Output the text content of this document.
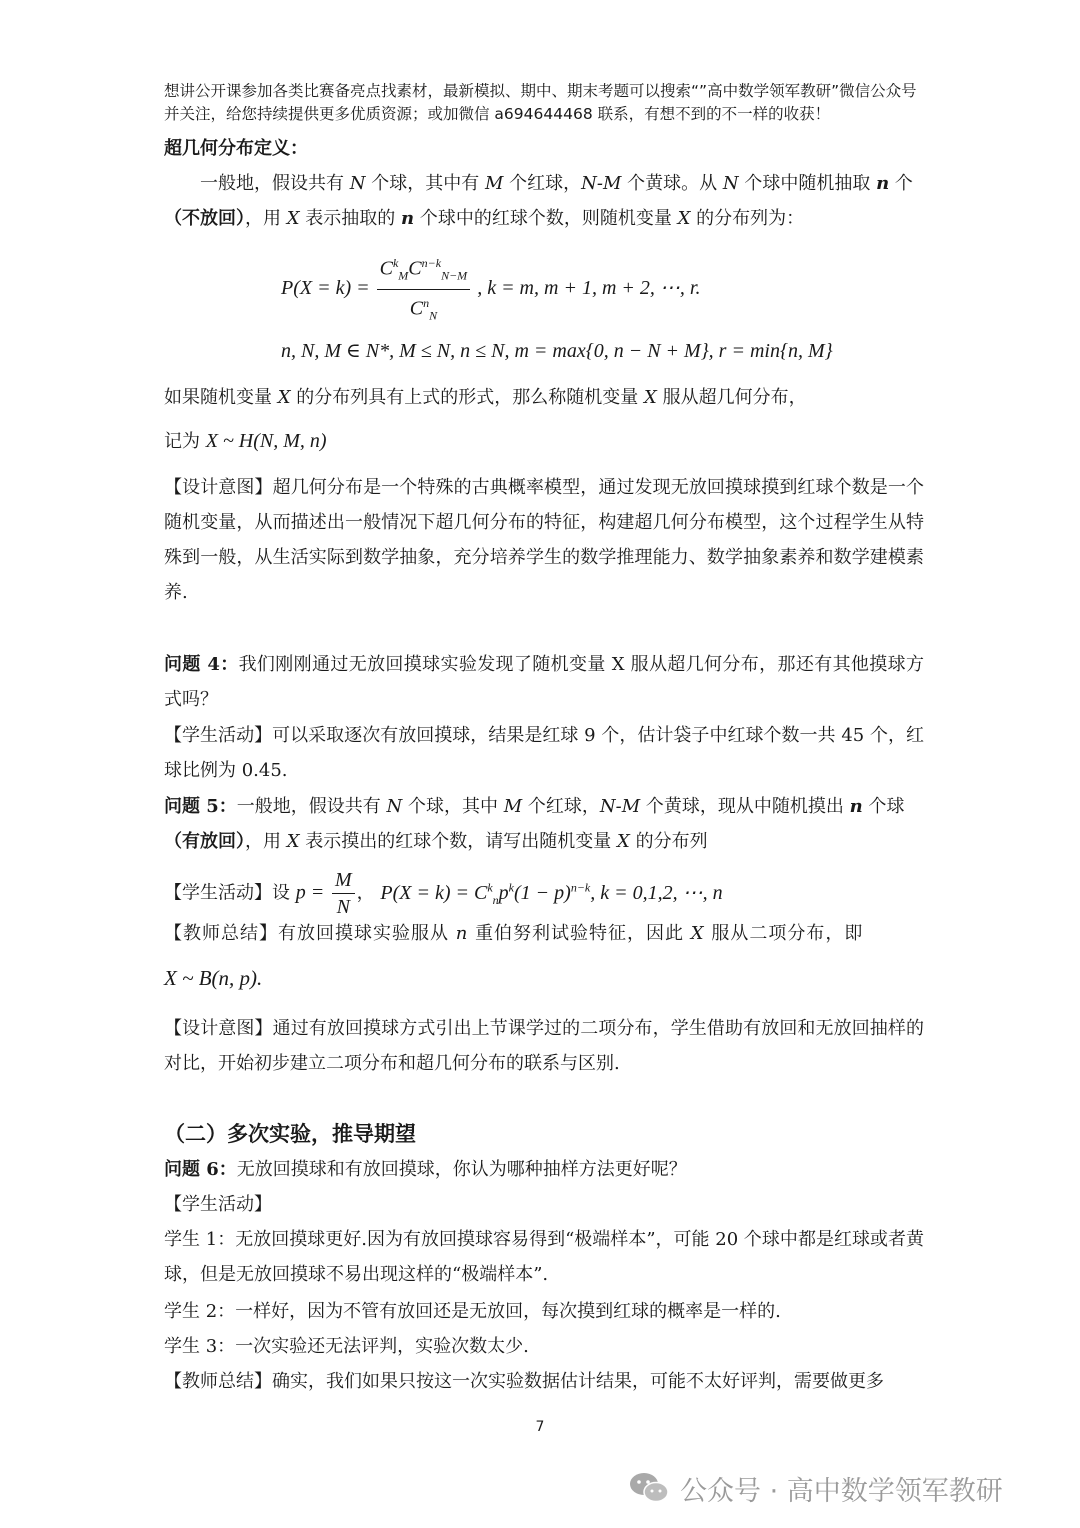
想讲公开课参加各类比赛备亮点找素材，最新模拟、期中、期末考题可以搜索“”高中数学领军教研”微信公众号并关注，给您持续提供更多优质资源；或加微信 a694644468 联系，有想不到的不一样的收获！
超几何分布定义：
一般地，假设共有 N 个球，其中有 M 个红球，N-M 个黄球。从 N 个球中随机抽取 n 个
（不放回），用 X 表示抽取的 n 个球中的红球个数，则随机变量 X 的分布列为：
$P(X = k) = \frac{C^k_MC^{n-k}_{N-M}}{C^n_N}$ , k = m, m + 1, m + 2, ⋯, r.
n, N, M ∈ N*, M ≤ N, n ≤ N, m = max{0, n − N + M}, r = min{n, M}
如果随机变量 X 的分布列具有上式的形式，那么称随机变量 X 服从超几何分布，
记为 X ~ H(N, M, n)
【设计意图】超几何分布是一个特殊的古典概率模型，通过发现无放回摸球摸到红球个数是一个随机变量，从而描述出一般情况下超几何分布的特征，构建超几何分布模型，这个过程学生从特殊到一般，从生活实际到数学抽象，充分培养学生的数学推理能力、数学抽象素养和数学建模素养.
问题 4：我们刚刚通过无放回摸球实验发现了随机变量 X 服从超几何分布，那还有其他摸球方式吗？
【学生活动】可以采取逐次有放回摸球，结果是红球 9 个，估计袋子中红球个数一共 45 个，红球比例为 0.45.
问题 5：一般地，假设共有 N 个球，其中 M 个红球，N-M 个黄球，现从中随机摸出 n 个球
（有放回），用 X 表示摸出的红球个数，请写出随机变量 X 的分布列
【学生活动】设 $p = \frac{M}{N}$ ， $P(X = k) = C^k_np^k(1 - p)^{n-k}$, k = 0,1,2, ⋯, n
【教师总结】有放回摸球实验服从 n 重伯努利试验特征，因此 X 服从二项分布，即
X ~ B(n, p).
【设计意图】通过有放回摸球方式引出上节课学过的二项分布，学生借助有放回和无放回抽样的对比，开始初步建立二项分布和超几何分布的联系与区别.
（二）多次实验，推导期望
问题 6：无放回摸球和有放回摸球，你认为哪种抽样方法更好呢？
【学生活动】
学生 1：无放回摸球更好.因为有放回摸球容易得到“极端样本”，可能 20 个球中都是红球或者黄球，但是无放回摸球不易出现这样的“极端样本”.
学生 2：一样好，因为不管有放回还是无放回，每次摸到红球的概率是一样的.
学生 3：一次实验还无法评判，实验次数太少.
【教师总结】确实，我们如果只按这一次实验数据估计结果，可能不太好评判，需要做更多
7
公众号 · 高中数学领军教研
